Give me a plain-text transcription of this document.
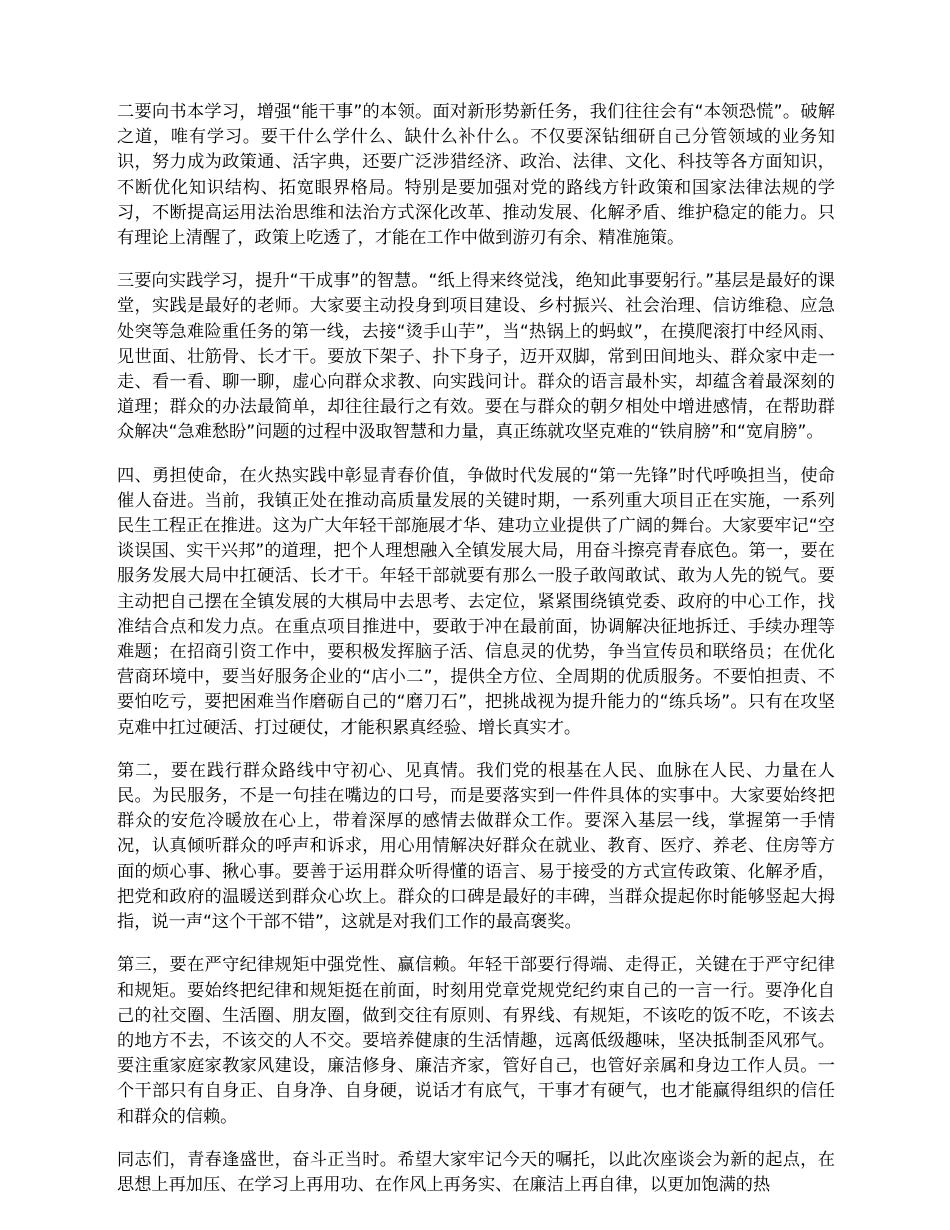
二要向书本学习，增强“能干事”的本领。面对新形势新任务，我们往往会有“本领恐慌”。破解之道，唯有学习。要干什么学什么、缺什么补什么。不仅要深钻细研自己分管领域的业务知识，努力成为政策通、活字典，还要广泛涉猎经济、政治、法律、文化、科技等各方面知识，不断优化知识结构、拓宽眼界格局。特别是要加强对党的路线方针政策和国家法律法规的学习，不断提高运用法治思维和法治方式深化改革、推动发展、化解矛盾、维护稳定的能力。只有理论上清醒了，政策上吃透了，才能在工作中做到游刃有余、精准施策。

三要向实践学习，提升“干成事”的智慧。“纸上得来终觉浅，绝知此事要躬行。”基层是最好的课堂，实践是最好的老师。大家要主动投身到项目建设、乡村振兴、社会治理、信访维稳、应急处突等急难险重任务的第一线，去接“烫手山芋”，当“热锅上的蚂蚁”，在摸爬滚打中经风雨、见世面、壮筋骨、长才干。要放下架子、扑下身子，迈开双脚，常到田间地头、群众家中走一走、看一看、聊一聊，虚心向群众求教、向实践问计。群众的语言最朴实，却蕴含着最深刻的道理；群众的办法最简单，却往往最行之有效。要在与群众的朝夕相处中增进感情，在帮助群众解决“急难愁盼”问题的过程中汲取智慧和力量，真正练就攻坚克难的“铁肩膀”和“宽肩膀”。

四、勇担使命，在火热实践中彰显青春价值，争做时代发展的“第一先锋”时代呼唤担当，使命催人奋进。当前，我镇正处在推动高质量发展的关键时期，一系列重大项目正在实施，一系列民生工程正在推进。这为广大年轻干部施展才华、建功立业提供了广阔的舞台。大家要牢记“空谈误国、实干兴邦”的道理，把个人理想融入全镇发展大局，用奋斗擦亮青春底色。第一，要在服务发展大局中扛硬活、长才干。年轻干部就要有那么一股子敢闯敢试、敢为人先的锐气。要主动把自己摆在全镇发展的大棋局中去思考、去定位，紧紧围绕镇党委、政府的中心工作，找准结合点和发力点。在重点项目推进中，要敢于冲在最前面，协调解决征地拆迁、手续办理等难题；在招商引资工作中，要积极发挥脑子活、信息灵的优势，争当宣传员和联络员；在优化营商环境中，要当好服务企业的“店小二”，提供全方位、全周期的优质服务。不要怕担责、不要怕吃亏，要把困难当作磨砺自己的“磨刀石”，把挑战视为提升能力的“练兵场”。只有在攻坚克难中扛过硬活、打过硬仗，才能积累真经验、增长真实才。

第二，要在践行群众路线中守初心、见真情。我们党的根基在人民、血脉在人民、力量在人民。为民服务，不是一句挂在嘴边的口号，而是要落实到一件件具体的实事中。大家要始终把群众的安危冷暖放在心上，带着深厚的感情去做群众工作。要深入基层一线，掌握第一手情况，认真倾听群众的呼声和诉求，用心用情解决好群众在就业、教育、医疗、养老、住房等方面的烦心事、揪心事。要善于运用群众听得懂的语言、易于接受的方式宣传政策、化解矛盾，把党和政府的温暖送到群众心坎上。群众的口碑是最好的丰碑，当群众提起你时能够竖起大拇指，说一声“这个干部不错”，这就是对我们工作的最高褒奖。

第三，要在严守纪律规矩中强党性、赢信赖。年轻干部要行得端、走得正，关键在于严守纪律和规矩。要始终把纪律和规矩挺在前面，时刻用党章党规党纪约束自己的一言一行。要净化自己的社交圈、生活圈、朋友圈，做到交往有原则、有界线、有规矩，不该吃的饭不吃，不该去的地方不去，不该交的人不交。要培养健康的生活情趣，远离低级趣味，坚决抵制歪风邪气。要注重家庭家教家风建设，廉洁修身、廉洁齐家，管好自己，也管好亲属和身边工作人员。一个干部只有自身正、自身净、自身硬，说话才有底气，干事才有硬气，也才能赢得组织的信任和群众的信赖。

同志们，青春逢盛世，奋斗正当时。希望大家牢记今天的嘱托，以此次座谈会为新的起点，在思想上再加压、在学习上再用功、在作风上再务实、在廉洁上再自律，以更加饱满的热
